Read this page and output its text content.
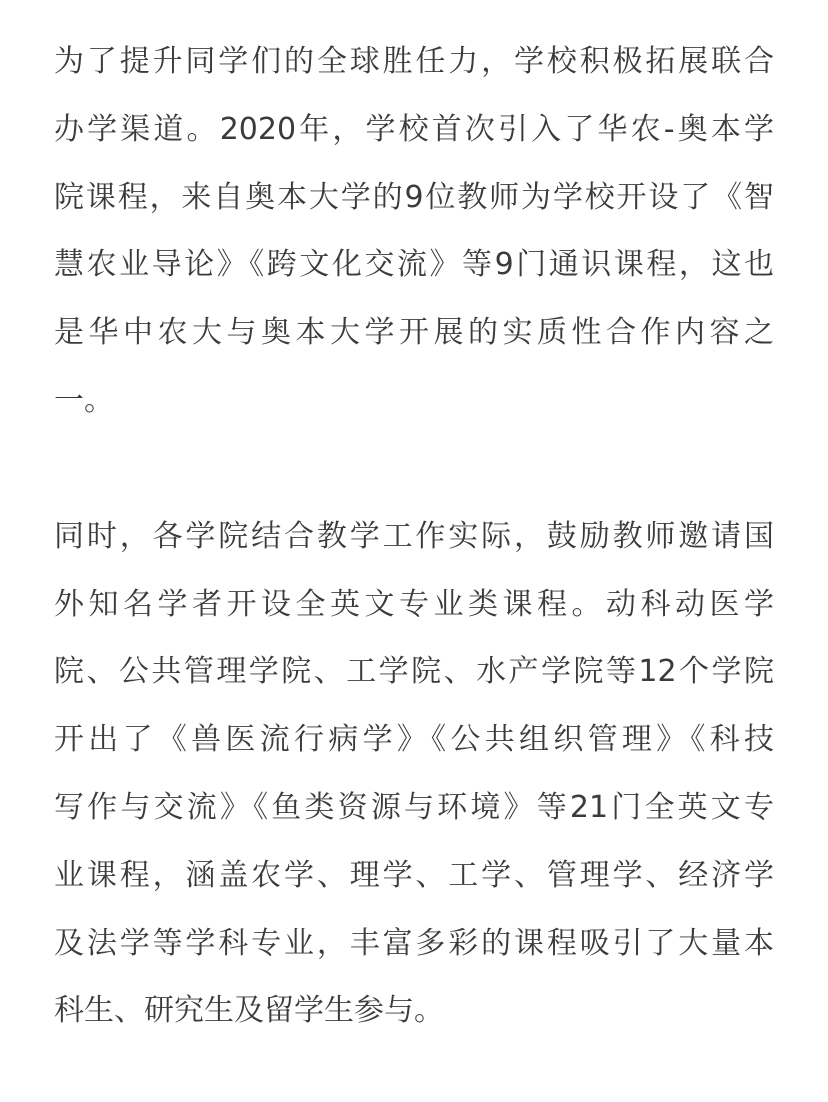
为了提升同学们的全球胜任力，学校积极拓展联合
办学渠道。2020年，学校首次引入了华农-奥本学
院课程，来自奥本大学的9位教师为学校开设了《智
慧农业导论》《跨文化交流》等9门通识课程，这也
是华中农大与奥本大学开展的实质性合作内容之
一。
同时，各学院结合教学工作实际，鼓励教师邀请国
外知名学者开设全英文专业类课程。动科动医学
院、公共管理学院、工学院、水产学院等12个学院
开出了《兽医流行病学》《公共组织管理》《科技
写作与交流》《鱼类资源与环境》等21门全英文专
业课程，涵盖农学、理学、工学、管理学、经济学
及法学等学科专业，丰富多彩的课程吸引了大量本
科生、研究生及留学生参与。
